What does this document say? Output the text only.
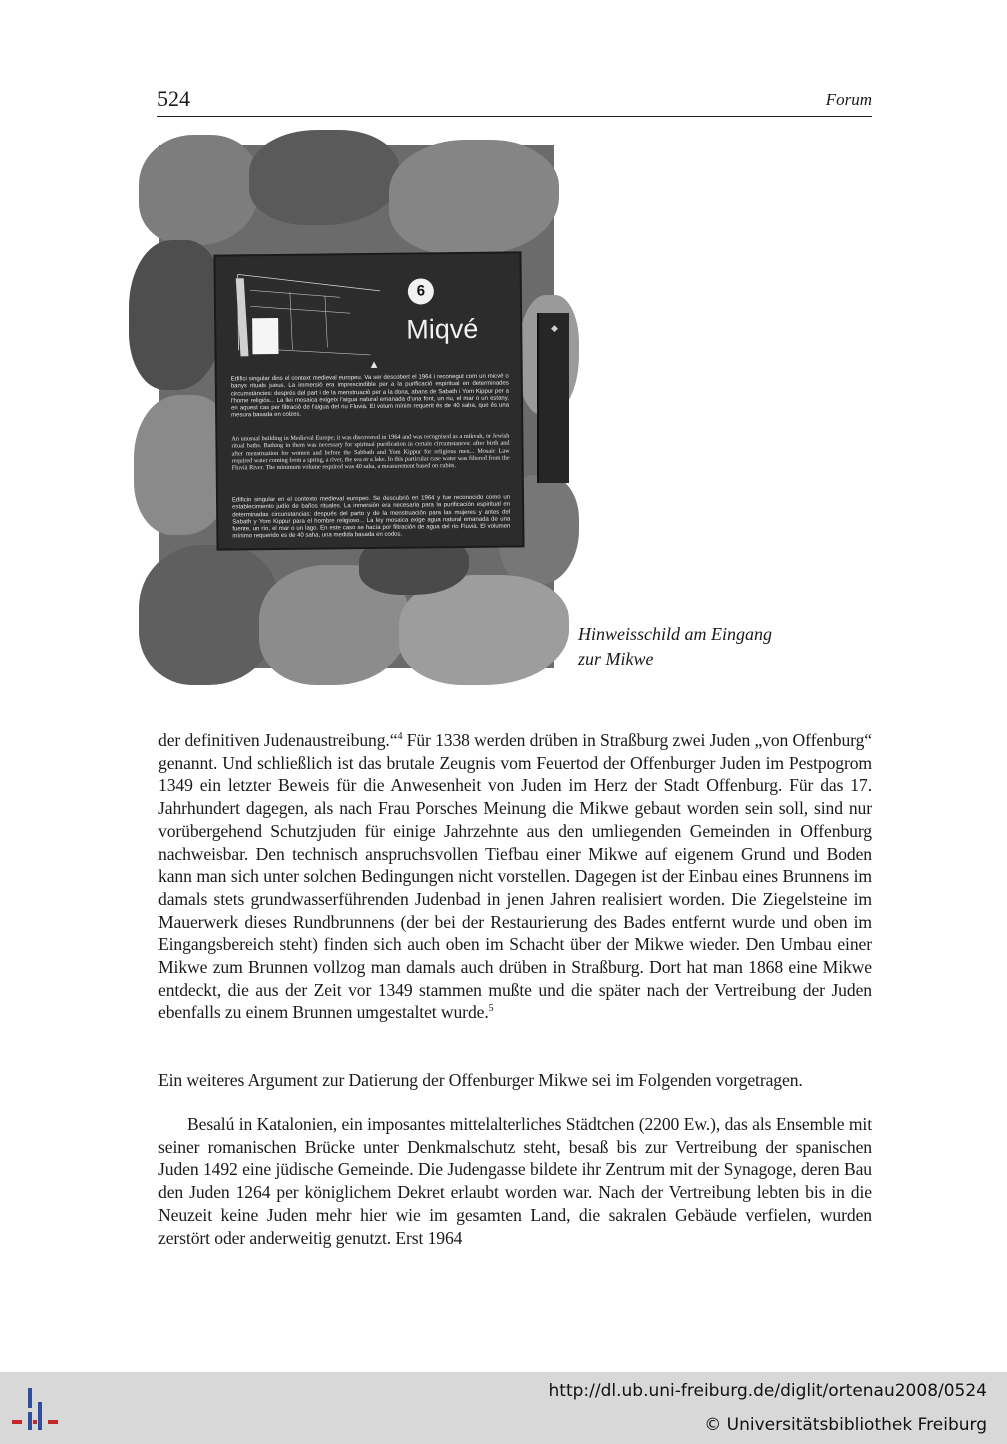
524	Forum
◆
6
Miqvé
▲
Edifici singular dins el context medieval europeu. Va ser descobert el 1964 i reconegut com un micvé o banys rituals jueus. La immersió era imprescindible per a la purificació espiritual en determinades circumstàncies: després del part i de la menstruació per a la dona, abans de Sabath i Yom Kippur per a l'home religiós... La llei mosaica exigeix l'aigua natural emanada d'una font, un riu, el mar o un estany, en aquest cas per filtració de l'aigua del riu Fluvià. El volum mínim requerit és de 40 saha, que és una mesura basada en colzes.
An unusual building in Medieval Europe; it was discovered in 1964 and was recognised as a mikvah, or Jewish ritual baths. Bathing in them was necessary for spiritual purification in certain circumstances: after birth and after menstruation for women and before the Sabbath and Yom Kippur for religious men... Mosaic Law required water coming from a spring, a river, the sea or a lake. In this particular case water was filtered from the Fluvià River. The minimum volume required was 40 saha, a measurement based on cubits.
Edificio singular en el contexto medieval europeo. Se descubrió en 1964 y fue reconocido como un establecimiento judío de baños rituales. La inmersión era necesaria para la purificación espiritual en determinadas circunstancias: después del parto y de la menstruación para las mujeres y antes del Sabath y Yom Kippur para el hombre religioso... La ley mosaica exige agua natural emanada de una fuente, un río, el mar o un lago. En este caso se hacía por filtración de agua del río Fluvià. El volumen mínimo requerido es de 40 saha, una medida basada en codos.
Hinweisschild am Eingang
zur Mikwe

der definitiven Judenaustreibung.“$^4$ Für 1338 werden drüben in Straßburg zwei Juden „von Offenburg“ genannt. Und schließlich ist das brutale Zeugnis vom Feuertod der Offenburger Juden im Pestpogrom 1349 ein letzter Beweis für die Anwesenheit von Juden im Herz der Stadt Offenburg. Für das 17. Jahrhundert dagegen, als nach Frau Porsches Meinung die Mikwe gebaut worden sein soll, sind nur vorübergehend Schutzjuden für einige Jahrzehnte aus den umliegenden Gemeinden in Offenburg nachweisbar. Den technisch anspruchsvollen Tiefbau einer Mikwe auf eigenem Grund und Boden kann man sich unter solchen Bedingungen nicht vorstellen. Dagegen ist der Einbau eines Brunnens im damals stets grundwasserführenden Judenbad in jenen Jahren realisiert worden. Die Ziegelsteine im Mauerwerk dieses Rundbrunnens (der bei der Restaurierung des Bades entfernt wurde und oben im Eingangsbereich steht) finden sich auch oben im Schacht über der Mikwe wieder. Den Umbau einer Mikwe zum Brunnen vollzog man damals auch drüben in Straßburg. Dort hat man 1868 eine Mikwe entdeckt, die aus der Zeit vor 1349 stammen mußte und die später nach der Vertreibung der Juden ebenfalls zu einem Brunnen umgestaltet wurde.$^5$

Ein weiteres Argument zur Datierung der Offenburger Mikwe sei im Folgenden vorgetragen.

Besalú in Katalonien, ein imposantes mittelalterliches Städtchen (2200 Ew.), das als Ensemble mit seiner romanischen Brücke unter Denkmalschutz steht, besaß bis zur Vertreibung der spanischen Juden 1492 eine jüdische Gemeinde. Die Judengasse bildete ihr Zentrum mit der Synagoge, deren Bau den Juden 1264 per königlichem Dekret erlaubt worden war. Nach der Vertreibung lebten bis in die Neuzeit keine Juden mehr hier wie im gesamten Land, die sakralen Gebäude verfielen, wurden zerstört oder anderweitig genutzt. Erst 1964

http://dl.ub.uni-freiburg.de/diglit/ortenau2008/0524
© Universitätsbibliothek Freiburg
